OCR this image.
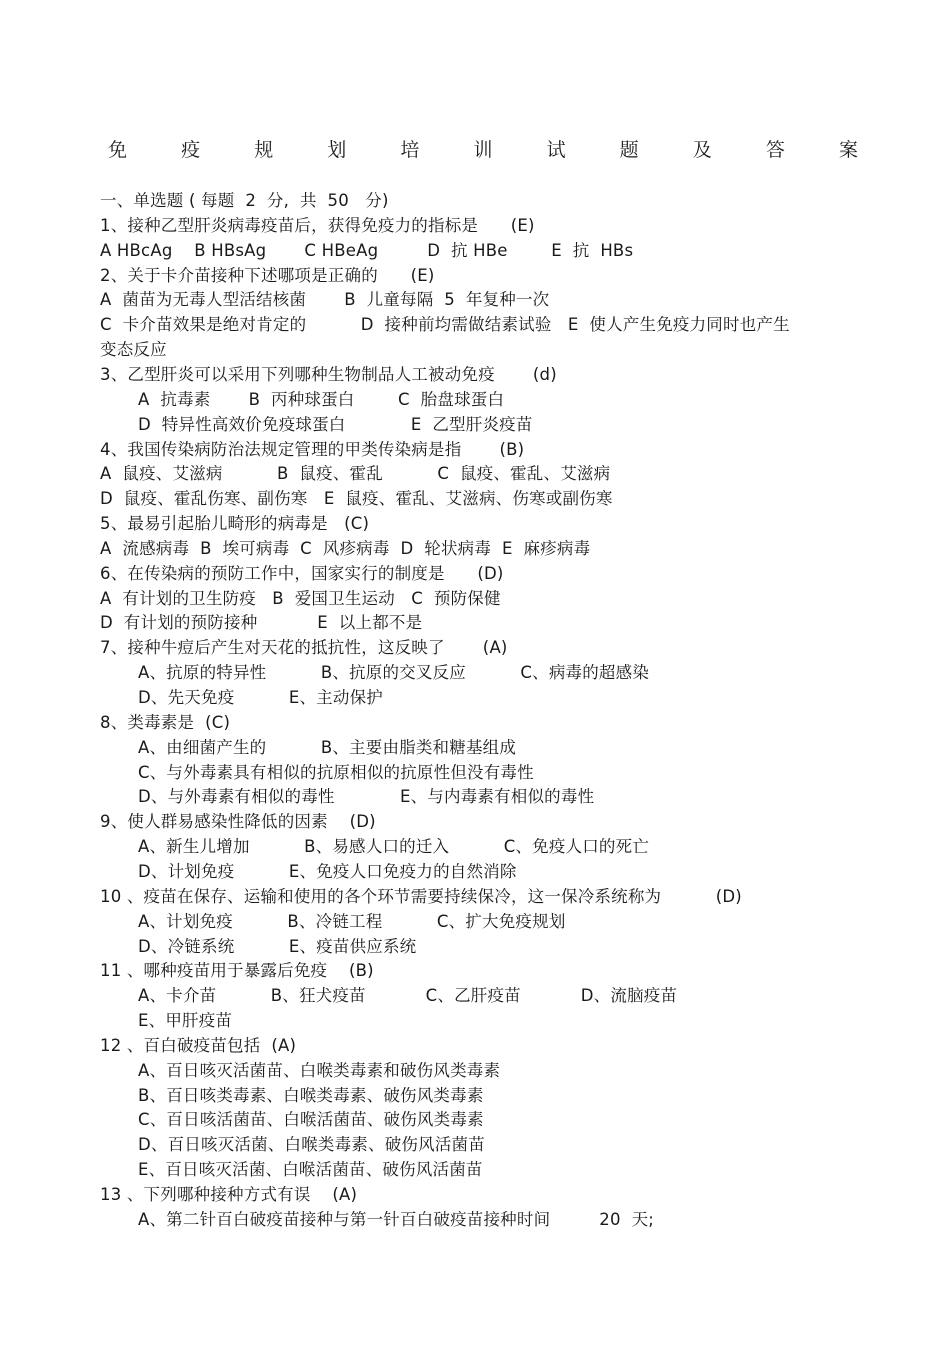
免	疫	规	划	培	训	试	题	及	答	案
一、单选题 ( 每题  2  分,  共  50   分)
1、接种乙型肝炎病毒疫苗后，获得免疫力的指标是      (E)
A HBcAg    B HBsAg       C HBeAg         D  抗 HBe        E  抗  HBs
2、关于卡介苗接种下述哪项是正确的      (E)
A  菌苗为无毒人型活结核菌       B  儿童每隔  5  年复种一次
C  卡介苗效果是绝对肯定的          D  接种前均需做结素试验   E  使人产生免疫力同时也产生
变态反应
3、乙型肝炎可以采用下列哪种生物制品人工被动免疫       (d)
A  抗毒素       B  丙种球蛋白        C  胎盘球蛋白
D  特异性高效价免疫球蛋白            E  乙型肝炎疫苗
4、我国传染病防治法规定管理的甲类传染病是指       (B)
A  鼠疫、艾滋病          B  鼠疫、霍乱          C  鼠疫、霍乱、艾滋病
D  鼠疫、霍乱伤寒、副伤寒   E  鼠疫、霍乱、艾滋病、伤寒或副伤寒
5、最易引起胎儿畸形的病毒是   (C)
A  流感病毒  B  埃可病毒  C  风疹病毒  D  轮状病毒  E  麻疹病毒
6、在传染病的预防工作中，国家实行的制度是      (D)
A  有计划的卫生防疫   B  爱国卫生运动   C  预防保健
D  有计划的预防接种           E  以上都不是
7、接种牛痘后产生对天花的抵抗性，这反映了       (A)
A、抗原的特异性          B、抗原的交叉反应          C、病毒的超感染
D、先天免疫          E、主动保护
8、类毒素是  (C)
A、由细菌产生的          B、主要由脂类和糖基组成
C、与外毒素具有相似的抗原相似的抗原性但没有毒性
D、与外毒素有相似的毒性            E、与内毒素有相似的毒性
9、使人群易感染性降低的因素    (D)
A、新生儿增加          B、易感人口的迁入          C、免疫人口的死亡
D、计划免疫          E、免疫人口免疫力的自然消除
10 、疫苗在保存、运输和使用的各个环节需要持续保冷，这一保冷系统称为          (D)
A、计划免疫          B、冷链工程          C、扩大免疫规划
D、冷链系统          E、疫苗供应系统
11 、哪种疫苗用于暴露后免疫    (B)
A、卡介苗          B、狂犬疫苗           C、乙肝疫苗           D、流脑疫苗
E、甲肝疫苗
12 、百白破疫苗包括  (A)
A、百日咳灭活菌苗、白喉类毒素和破伤风类毒素
B、百日咳类毒素、白喉类毒素、破伤风类毒素
C、百日咳活菌苗、白喉活菌苗、破伤风类毒素
D、百日咳灭活菌、白喉类毒素、破伤风活菌苗
E、百日咳灭活菌、白喉活菌苗、破伤风活菌苗
13 、下列哪种接种方式有误    (A)
A、第二针百白破疫苗接种与第一针百白破疫苗接种时间         20  天;
